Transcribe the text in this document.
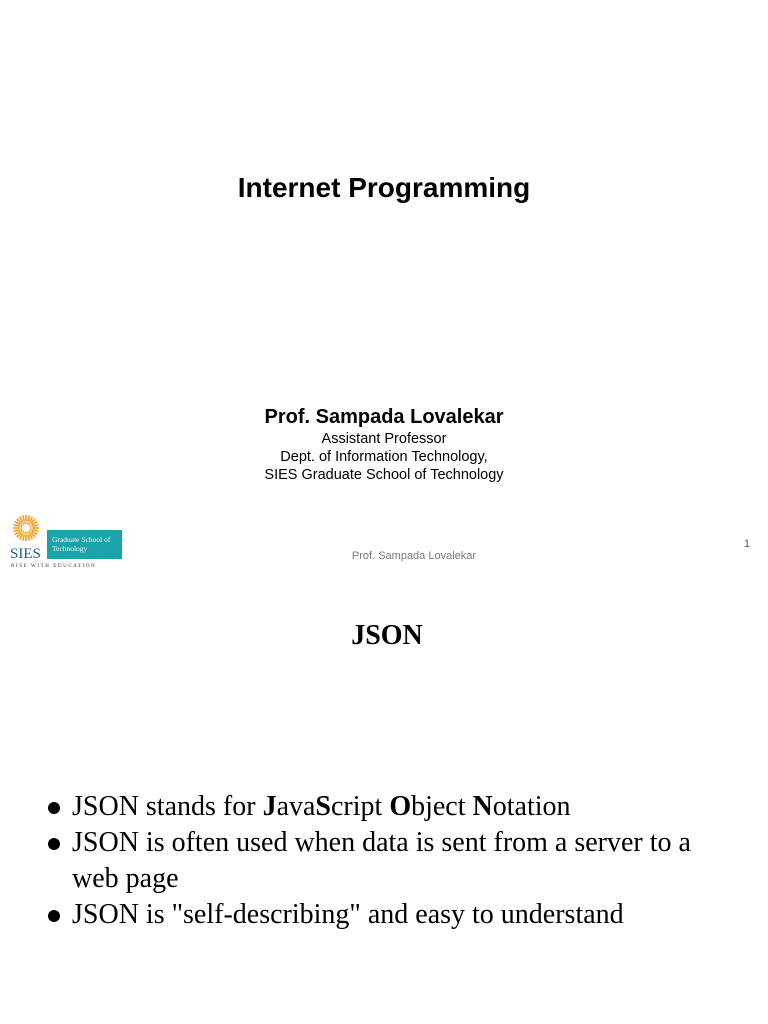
Internet Programming
Prof. Sampada Lovalekar
Assistant Professor
Dept. of Information Technology,
SIES Graduate School of Technology
SIES
Graduate School of
Technology
RISE WITH EDUCATION
Prof. Sampada Lovalekar
1
JSON
JSON stands for JavaScript Object Notation
JSON is often used when data is sent from a server to a web page
JSON is "self-describing" and easy to understand
